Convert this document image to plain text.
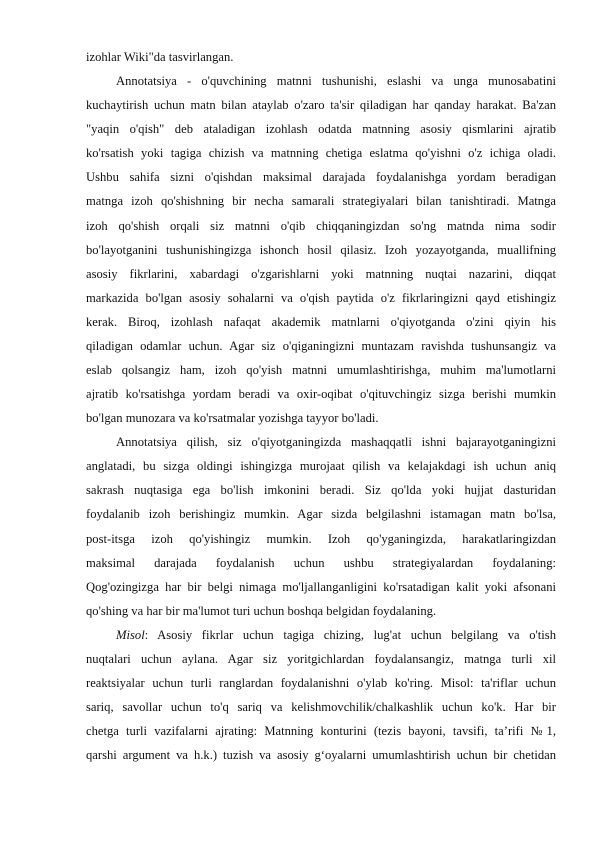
izohlar Wiki"da tasvirlangan.

Annotatsiya - o'quvchining matnni tushunishi, eslashi va unga munosabatini
kuchaytirish uchun matn bilan ataylab o'zaro ta'sir qiladigan har qanday harakat. Ba'zan
"yaqin o'qish" deb ataladigan izohlash odatda matnning asosiy qismlarini ajratib
ko'rsatish yoki tagiga chizish va matnning chetiga eslatma qo'yishni o'z ichiga oladi.
Ushbu sahifa sizni o'qishdan maksimal darajada foydalanishga yordam beradigan
matnga izoh qo'shishning bir necha samarali strategiyalari bilan tanishtiradi. Matnga
izoh qo'shish orqali siz matnni o'qib chiqqaningizdan so'ng matnda nima sodir
bo'layotganini tushunishingizga ishonch hosil qilasiz. Izoh yozayotganda, muallifning
asosiy fikrlarini, xabardagi o'zgarishlarni yoki matnning nuqtai nazarini, diqqat
markazida bo'lgan asosiy sohalarni va o'qish paytida o'z fikrlaringizni qayd etishingiz
kerak. Biroq, izohlash nafaqat akademik matnlarni o'qiyotganda o'zini qiyin his
qiladigan odamlar uchun. Agar siz o'qiganingizni muntazam ravishda tushunsangiz va
eslab qolsangiz ham, izoh qo'yish matnni umumlashtirishga, muhim ma'lumotlarni
ajratib ko'rsatishga yordam beradi va oxir-oqibat o'qituvchingiz sizga berishi mumkin
bo'lgan munozara va ko'rsatmalar yozishga tayyor bo'ladi.

Annotatsiya qilish, siz o'qiyotganingizda mashaqqatli ishni bajarayotganingizni
anglatadi, bu sizga oldingi ishingizga murojaat qilish va kelajakdagi ish uchun aniq
sakrash nuqtasiga ega bo'lish imkonini beradi. Siz qo'lda yoki hujjat dasturidan
foydalanib izoh berishingiz mumkin. Agar sizda belgilashni istamagan matn bo'lsa,
post-itsga izoh qo'yishingiz mumkin. Izoh qo'yganingizda, harakatlaringizdan
maksimal darajada foydalanish uchun ushbu strategiyalardan foydalaning:
Qog'ozingizga har bir belgi nimaga mo'ljallanganligini ko'rsatadigan kalit yoki afsonani
qo'shing va har bir ma'lumot turi uchun boshqa belgidan foydalaning.

Misol: Asosiy fikrlar uchun tagiga chizing, lug'at uchun belgilang va o'tish
nuqtalari uchun aylana. Agar siz yoritgichlardan foydalansangiz, matnga turli xil
reaktsiyalar uchun turli ranglardan foydalanishni o'ylab ko'ring. Misol: ta'riflar uchun
sariq, savollar uchun to'q sariq va kelishmovchilik/chalkashlik uchun ko'k. Har bir
chetga turli vazifalarni ajrating: Matnning konturini (tezis bayoni, tavsifi, ta’rifi №1,
qarshi argument va h.k.) tuzish va asosiy g‘oyalarni umumlashtirish uchun bir chetidan
